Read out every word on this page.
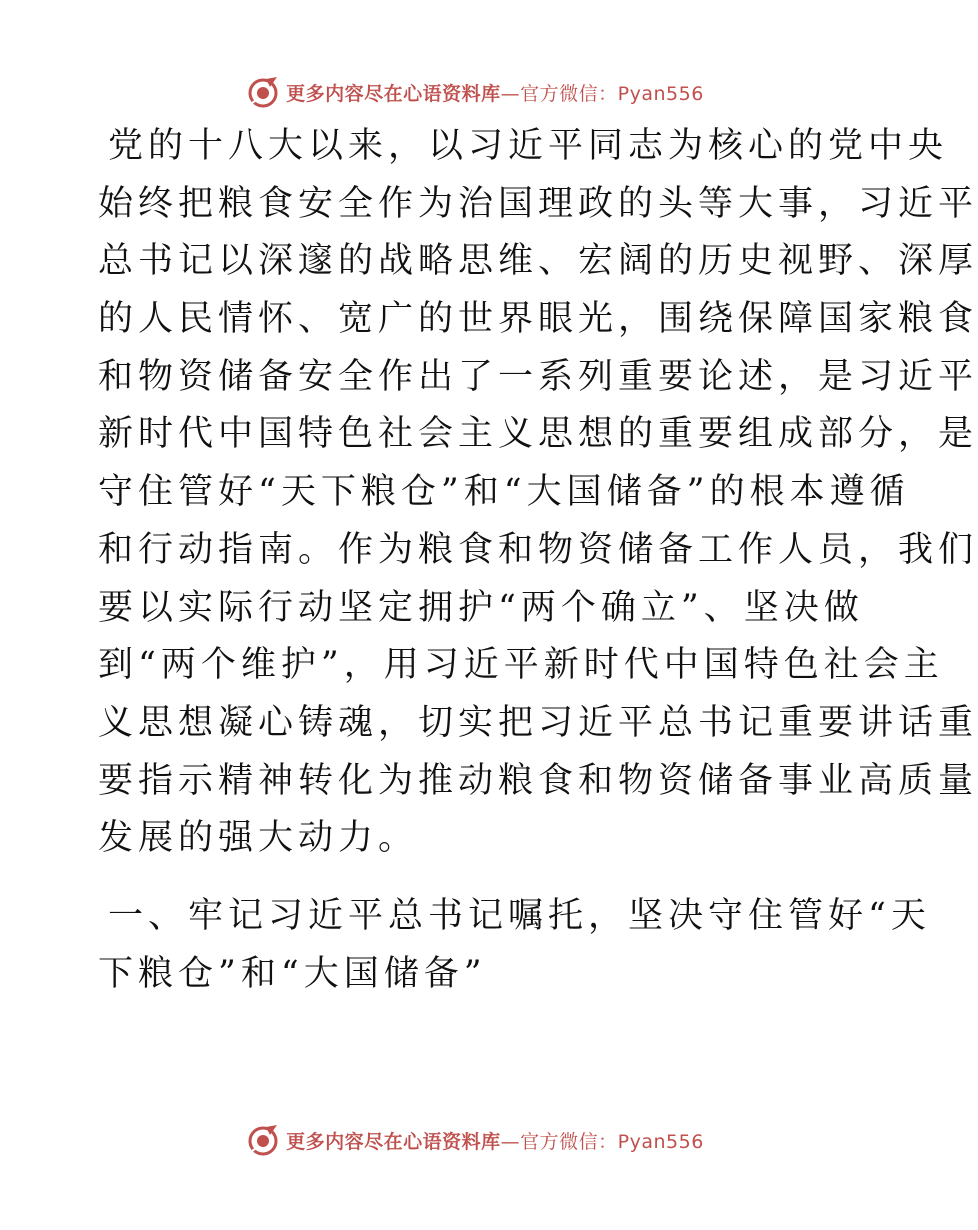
更多内容尽在心语资料库—官方微信：Pyan556
党的十八大以来，以习近平同志为核心的党中央
始终把粮食安全作为治国理政的头等大事，习近平
总书记以深邃的战略思维、宏阔的历史视野、深厚
的人民情怀、宽广的世界眼光，围绕保障国家粮食
和物资储备安全作出了一系列重要论述，是习近平
新时代中国特色社会主义思想的重要组成部分，是
守住管好“天下粮仓”和“大国储备”的根本遵循
和行动指南。作为粮食和物资储备工作人员，我们
要以实际行动坚定拥护“两个确立”、坚决做
到“两个维护”，用习近平新时代中国特色社会主
义思想凝心铸魂，切实把习近平总书记重要讲话重
要指示精神转化为推动粮食和物资储备事业高质量
发展的强大动力。
一、牢记习近平总书记嘱托，坚决守住管好“天
下粮仓”和“大国储备”
更多内容尽在心语资料库—官方微信：Pyan556
